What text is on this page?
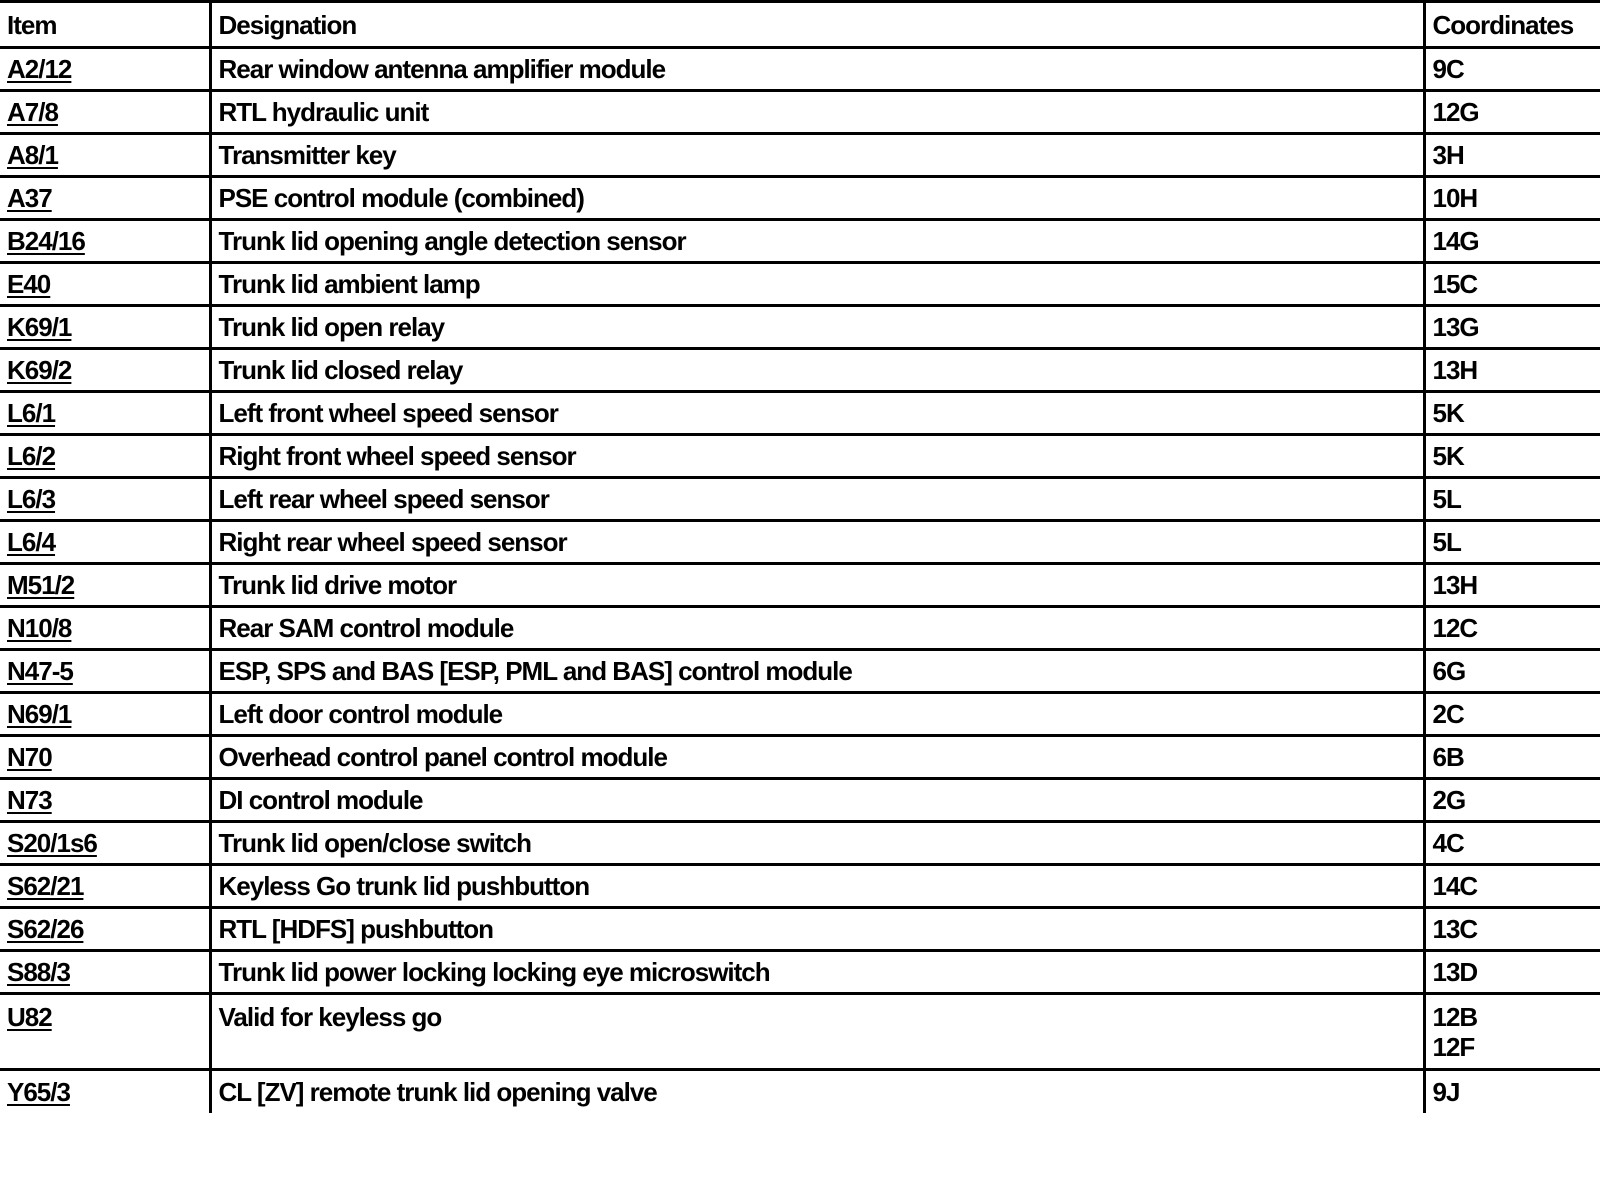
Item	Designation	Coordinates
A2/12	Rear window antenna amplifier module	9C

A7/8	RTL hydraulic unit	12G

A8/1	Transmitter key	3H

A37	PSE control module (combined)	10H

B24/16	Trunk lid opening angle detection sensor	14G

E40	Trunk lid ambient lamp	15C

K69/1	Trunk lid open relay	13G

K69/2	Trunk lid closed relay	13H

L6/1	Left front wheel speed sensor	5K

L6/2	Right front wheel speed sensor	5K

L6/3	Left rear wheel speed sensor	5L

L6/4	Right rear wheel speed sensor	5L

M51/2	Trunk lid drive motor	13H

N10/8	Rear SAM control module	12C

N47-5	ESP, SPS and BAS [ESP, PML and BAS] control module	6G

N69/1	Left door control module	2C

N70	Overhead control panel control module	6B

N73	DI control module	2G

S20/1s6	Trunk lid open/close switch	4C

S62/21	Keyless Go trunk lid pushbutton	14C

S62/26	RTL [HDFS] pushbutton	13C

S88/3	Trunk lid power locking locking eye microswitch	13D

U82	Valid for keyless go	12B
12F

Y65/3	CL [ZV] remote trunk lid opening valve	9J
